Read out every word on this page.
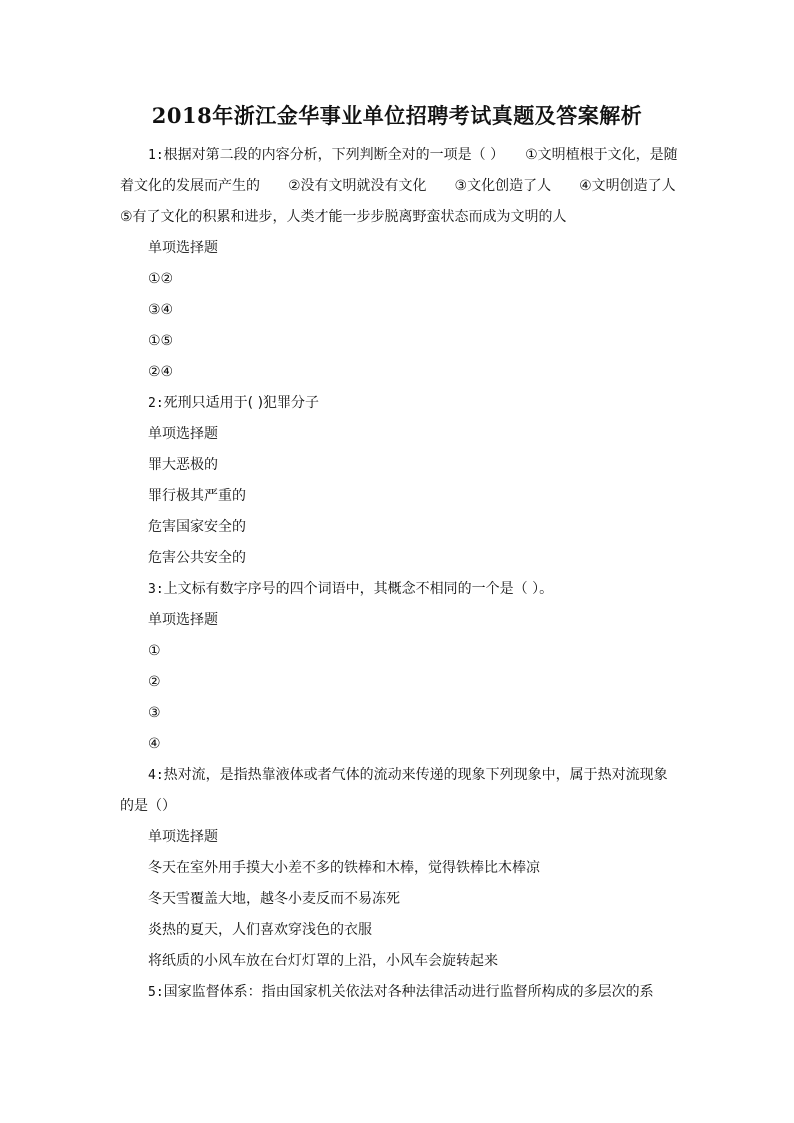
2018年浙江金华事业单位招聘考试真题及答案解析

1:根据对第二段的内容分析，下列判断全对的一项是（ ）　　①文明植根于文化，是随着文化的发展而产生的　　②没有文明就没有文化　　③文化创造了人　　④文明创造了人　　⑤有了文化的积累和进步，人类才能一步步脱离野蛮状态而成为文明的人

单项选择题

①②

③④

①⑤

②④

2:死刑只适用于( )犯罪分子

单项选择题

罪大恶极的

罪行极其严重的

危害国家安全的

危害公共安全的

3:上文标有数字序号的四个词语中，其概念不相同的一个是（ ）。

单项选择题

①

②

③

④

4:热对流，是指热靠液体或者气体的流动来传递的现象下列现象中，属于热对流现象的是（）

单项选择题

冬天在室外用手摸大小差不多的铁棒和木棒，觉得铁棒比木棒凉

冬天雪覆盖大地，越冬小麦反而不易冻死

炎热的夏天，人们喜欢穿浅色的衣服

将纸质的小风车放在台灯灯罩的上沿，小风车会旋转起来

5:国家监督体系：指由国家机关依法对各种法律活动进行监督所构成的多层次的系
